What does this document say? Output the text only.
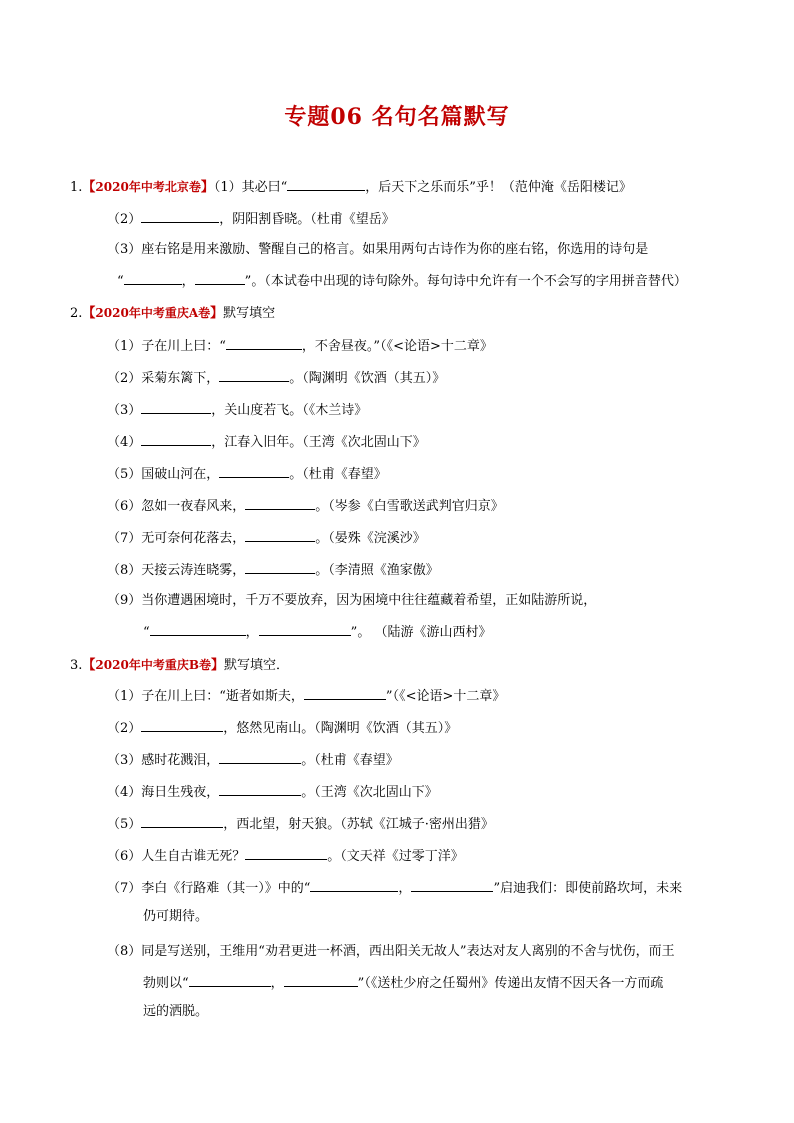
专题06 名句名篇默写
1.【2020年中考北京卷】（1）其必曰“	，后天下之乐而乐”乎！（范仲淹《岳阳楼记》
（2）	，阴阳割昏晓。（杜甫《望岳》
（3）座右铭是用来激励、警醒自己的格言。如果用两句古诗作为你的座右铭，你选用的诗句是
“	，	”。（本试卷中出现的诗句除外。每句诗中允许有一个不会写的字用拼音替代）
2.【2020年中考重庆A卷】默写填空
（1）子在川上曰：“	，不舍昼夜。”（《<论语>十二章》
（2）采菊东篱下，	。（陶渊明《饮酒（其五）》
（3）	，关山度若飞。（《木兰诗》
（4）	，江春入旧年。（王湾《次北固山下》
（5）国破山河在，	。（杜甫《春望》
（6）忽如一夜春风来，	。（岑参《白雪歌送武判官归京》
（7）无可奈何花落去，	。（晏殊《浣溪沙》
（8）天接云涛连晓雾，	。（李清照《渔家傲》
（9）当你遭遇困境时，千万不要放弃，因为困境中往往蕴藏着希望，正如陆游所说，
“	，	”。 （陆游《游山西村》
3.【2020年中考重庆B卷】默写填空．
（1）子在川上曰：“逝者如斯夫，	”（《<论语>十二章》
（2）	，悠然见南山。（陶渊明《饮酒（其五）》
（3）感时花溅泪，	。（杜甫《春望》
（4）海日生残夜，	。（王湾《次北固山下》
（5）	，西北望，射天狼。（苏轼《江城子·密州出猎》
（6）人生自古谁无死？	。（文天祥《过零丁洋》
（7）李白《行路难（其一）》中的“	，	”启迪我们：即使前路坎坷，未来
仍可期待。
（8）同是写送别，王维用“劝君更进一杯酒，西出阳关无故人”表达对友人离别的不舍与忧伤，而王
勃则以“	，	”（《送杜少府之任蜀州》传递出友情不因天各一方而疏
远的洒脱。
